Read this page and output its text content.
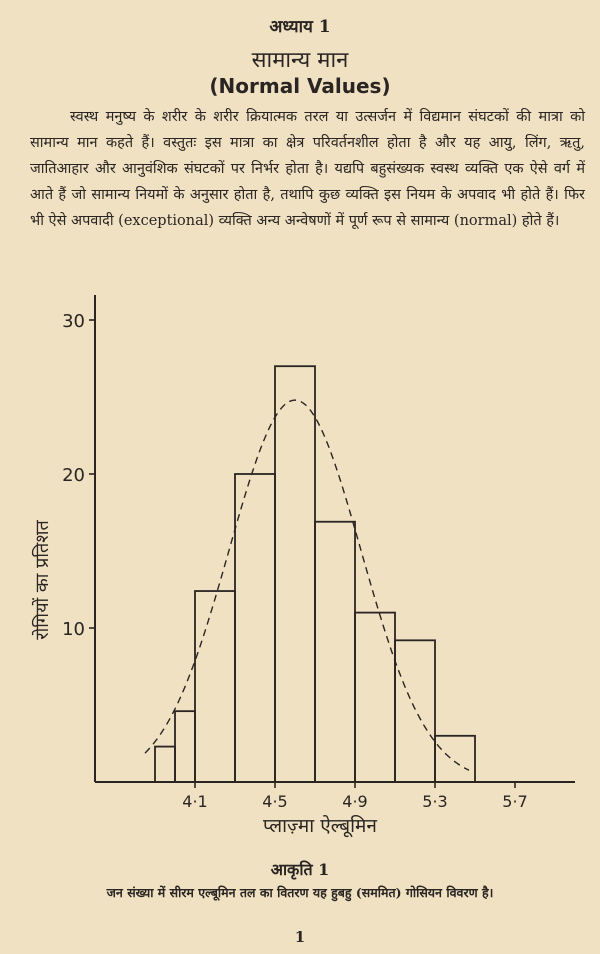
अध्याय 1
सामान्य मान
(Normal Values)
स्वस्थ मनुष्य के शरीर के शरीर क्रियात्मक तरल या उत्सर्जन में विद्यमान संघटकों की मात्रा को सामान्य मान कहते हैं। वस्तुतः इस मात्रा का क्षेत्र परिवर्तनशील होता है और यह आयु, लिंग, ऋतु, जातिआहार और आनुवंशिक संघटकों पर निर्भर होता है। यद्यपि बहुसंख्यक स्वस्थ व्यक्ति एक ऐसे वर्ग में आते हैं जो सामान्य नियमों के अनुसार होता है, तथापि कुछ व्यक्ति इस नियम के अपवाद भी होते हैं। फिर भी ऐसे अपवादी (exceptional) व्यक्ति अन्य अन्वेषणों में पूर्ण रूप से सामान्य (normal) होते हैं।
10
20
30
4·1	4·5	4·9	5·3	5·7
प्लाज़्मा ऐल्बूमिन
रोगियों का प्रतिशत
आकृति 1
जन संख्या में सीरम एल्बूमिन तल का वितरण यह हुबहु (सममित) गोसियन विवरण है।
1
